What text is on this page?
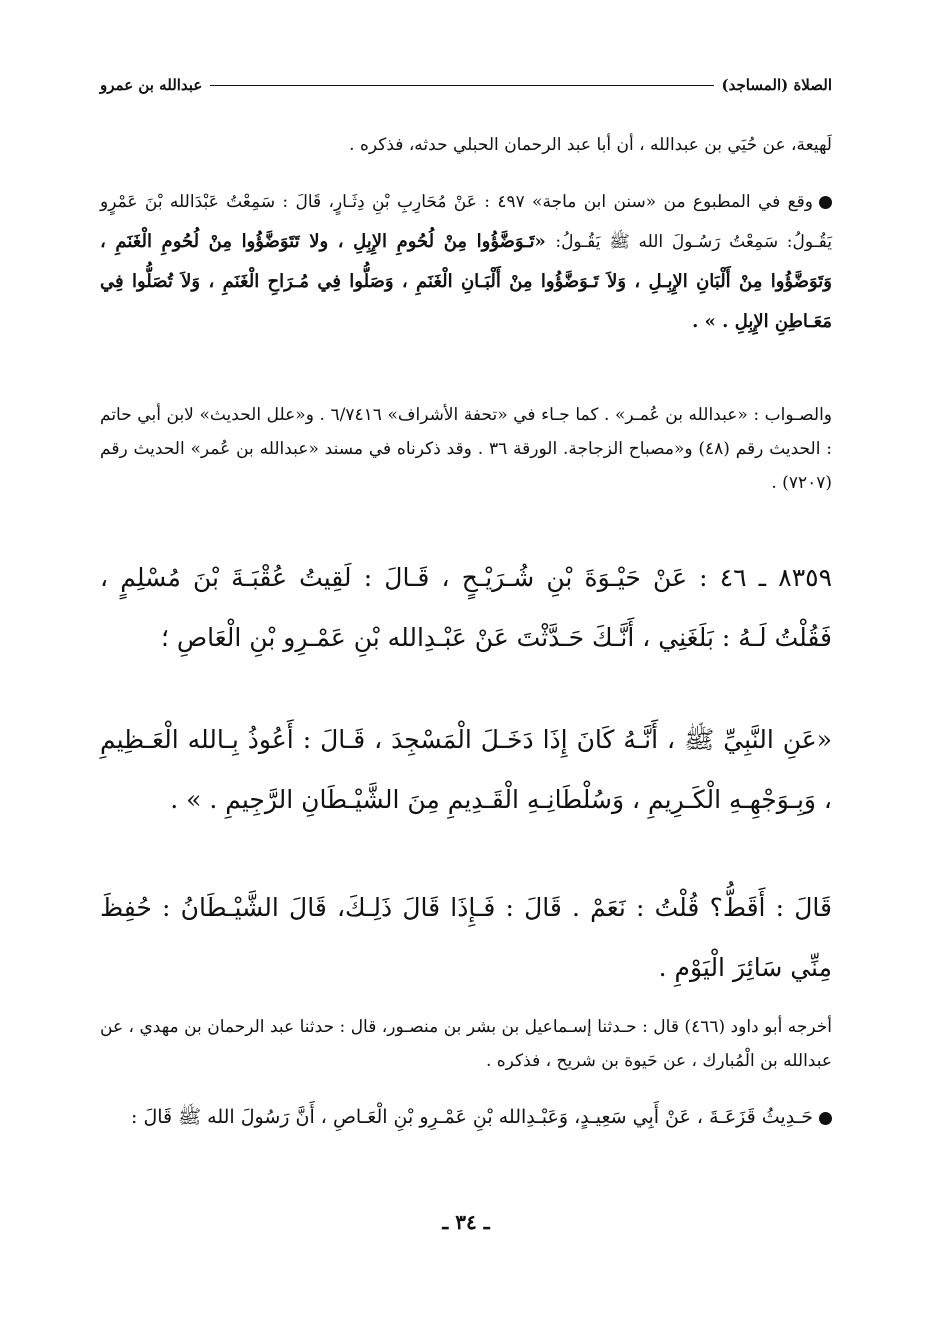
الصلاة (المساجد)
عبدالله بن عمرو
لَهيعة، عن حُيَي بن عبدالله ، أن أبا عبد الرحمان الحبلي حدثه، فذكره .
وقع في المطبوع من «سنن ابن ماجة» ٤٩٧ : عَنْ مُحَارِبِ بْنِ دِثَـارٍ، قَالَ : سَمِعْتُ عَبْدَالله بْنَ عَمْرٍو يَقُـولُ: سَمِعْتُ رَسُـولَ الله ﷺ يَقُـولُ: «تَـوَضَّؤُوا مِنْ لُحُومِ الإِبِلِ ، ولا تَتَوَضَّؤُوا مِنْ لُحُومِ الْغَنَمِ ، وَتَوَضَّؤُوا مِنْ أَلْبَانِ الإِبِـلِ ، وَلاَ تَـوَضَّؤُوا مِنْ أَلْبَـانِ الْغَنَمِ ، وَصَلُّوا فِي مُـرَاحِ الْغَنَمِ ، وَلاَ تُصَلُّوا فِي مَعَـاطِنِ الإِبِلِ . » .
والصـواب : «عبدالله بن عُمـر» . كما جـاء في «تحفة الأشراف» ٦/٧٤١٦ . و«علل الحديث» لابن أبي حاتم : الحديث رقم (٤٨) و«مصباح الزجاجة. الورقة ٣٦ . وقد ذكرناه في مسند «عبدالله بن عُمر» الحديث رقم (٧٢٠٧) .
٨٣٥٩ ـ ٤٦ : عَنْ حَيْـوَةَ بْنِ شُـرَيْـحٍ ، قَـالَ : لَقِيتُ عُقْبَـةَ بْنَ مُسْلِمٍ ، فَقُلْتُ لَـهُ : بَلَغَنِي ، أَنَّـكَ حَـدَّثْتَ عَنْ عَبْـدِالله بْنِ عَمْـرِو بْنِ الْعَاصِ ؛
«عَنِ النَّبِيِّ ﷺ ، أَنَّـهُ كَانَ إِذَا دَخَـلَ الْمَسْجِدَ ، قَـالَ : أَعُوذُ بِـالله الْعَـظِيمِ ، وَبِـوَجْهِـهِ الْكَـرِيمِ ، وَسُلْطَانِـهِ الْقَـدِيمِ مِنَ الشَّيْـطَانِ الرَّجِيمِ . » .
قَالَ : أَقَطُّ؟ قُلْتُ : نَعَمْ . قَالَ : فَـإِذَا قَالَ ذَلِـكَ، قَالَ الشَّيْـطَانُ : حُفِظَ مِنِّي سَائِرَ الْيَوْمِ .
أخرجه أبو داود (٤٦٦) قال : حـدثنا إسـماعيل بن بشر بن منصـور، قال : حدثنا عبد الرحمان بن مهدي ، عن عبدالله بن الْمُبارك ، عن حَيوة بن شريح ، فذكره .
حَـدِيثُ قَزَعَـةَ ، عَنْ أَبِي سَعِيـدٍ، وَعَبْـدِالله بْنِ عَمْـرِو بْنِ الْعَـاصِ ، أَنَّ رَسُولَ الله ﷺ قَالَ :
ـ ٣٤ ـ
